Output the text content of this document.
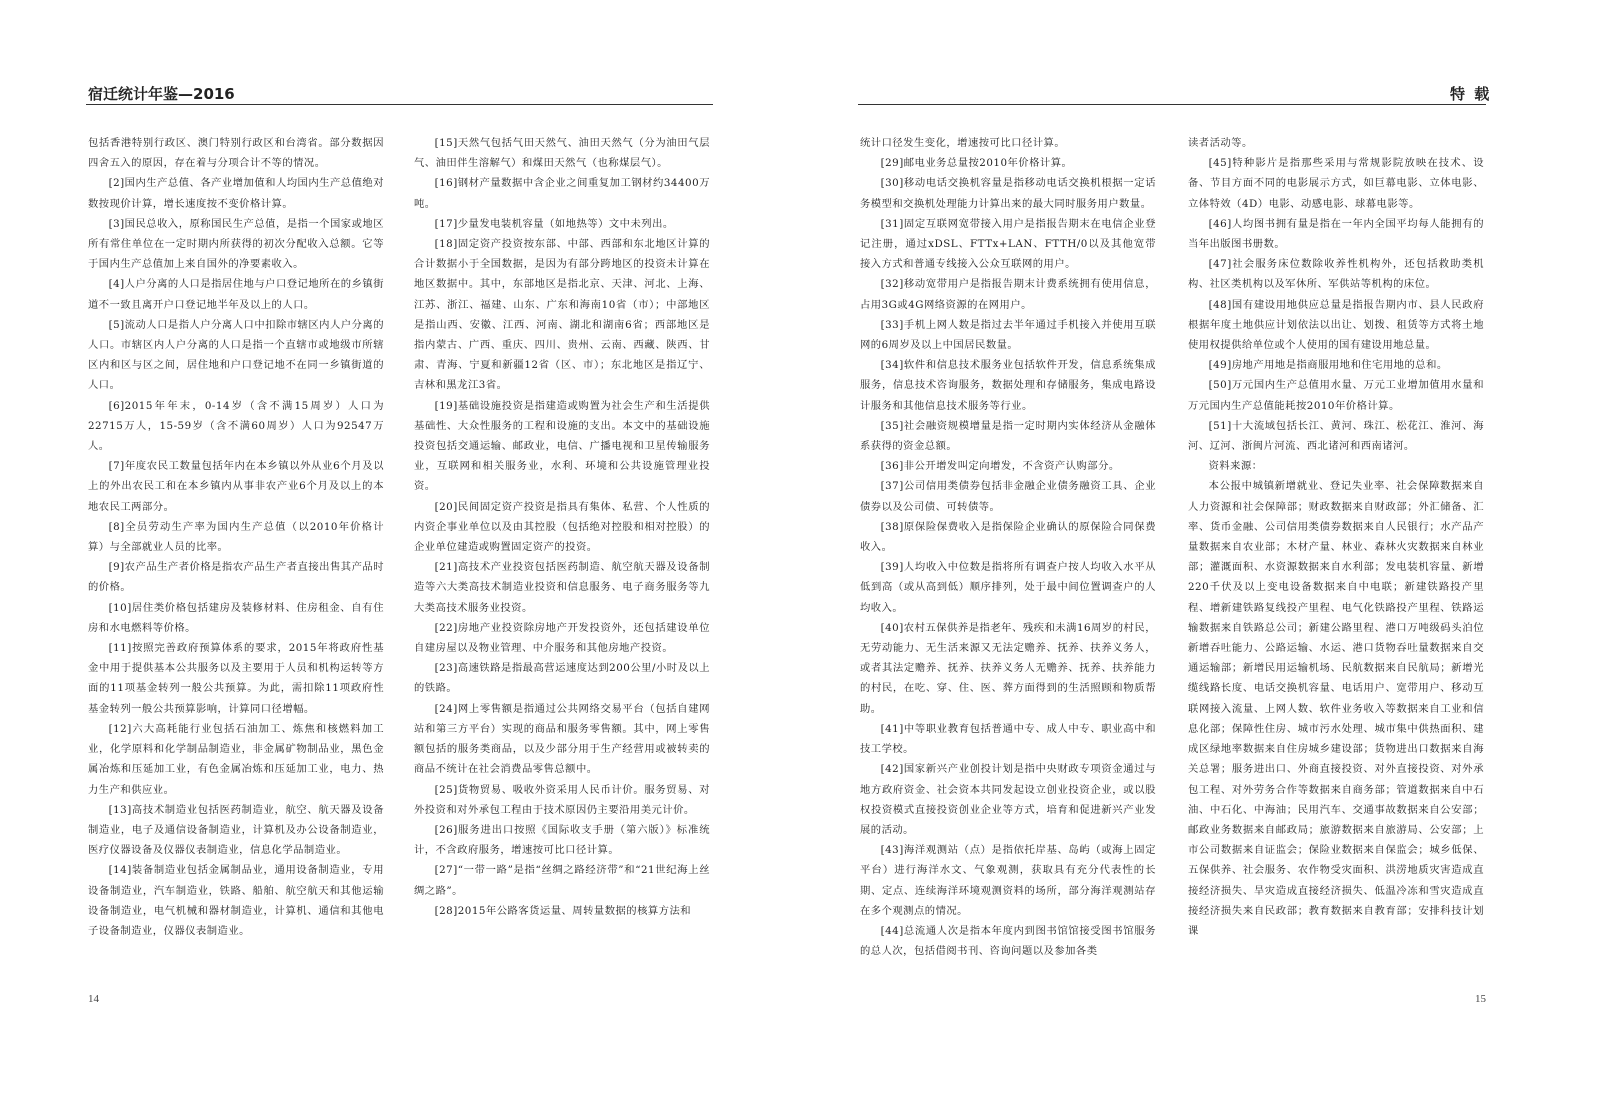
宿迁统计年鉴—2016

包括香港特别行政区、澳门特别行政区和台湾省。部分数据因四舍五入的原因，存在着与分项合计不等的情况。

[2]国内生产总值、各产业增加值和人均国内生产总值绝对数按现价计算，增长速度按不变价格计算。

[3]国民总收入，原称国民生产总值，是指一个国家或地区所有常住单位在一定时期内所获得的初次分配收入总额。它等于国内生产总值加上来自国外的净要素收入。

[4]人户分离的人口是指居住地与户口登记地所在的乡镇街道不一致且离开户口登记地半年及以上的人口。

[5]流动人口是指人户分离人口中扣除市辖区内人户分离的人口。市辖区内人户分离的人口是指一个直辖市或地级市所辖区内和区与区之间，居住地和户口登记地不在同一乡镇街道的人口。

[6]2015年年末，0-14岁（含不满15周岁）人口为22715万人，15-59岁（含不满60周岁）人口为92547万人。

[7]年度农民工数量包括年内在本乡镇以外从业6个月及以上的外出农民工和在本乡镇内从事非农产业6个月及以上的本地农民工两部分。

[8]全员劳动生产率为国内生产总值（以2010年价格计算）与全部就业人员的比率。

[9]农产品生产者价格是指农产品生产者直接出售其产品时的价格。

[10]居住类价格包括建房及装修材料、住房租金、自有住房和水电燃料等价格。

[11]按照完善政府预算体系的要求，2015年将政府性基金中用于提供基本公共服务以及主要用于人员和机构运转等方面的11项基金转列一般公共预算。为此，需扣除11项政府性基金转列一般公共预算影响，计算同口径增幅。

[12]六大高耗能行业包括石油加工、炼焦和核燃料加工业，化学原料和化学制品制造业，非金属矿物制品业，黑色金属冶炼和压延加工业，有色金属冶炼和压延加工业，电力、热力生产和供应业。

[13]高技术制造业包括医药制造业，航空、航天器及设备制造业，电子及通信设备制造业，计算机及办公设备制造业，医疗仪器设备及仪器仪表制造业，信息化学品制造业。

[14]装备制造业包括金属制品业，通用设备制造业，专用设备制造业，汽车制造业，铁路、船舶、航空航天和其他运输设备制造业，电气机械和器材制造业，计算机、通信和其他电子设备制造业，仪器仪表制造业。

[15]天然气包括气田天然气、油田天然气（分为油田气层气、油田伴生溶解气）和煤田天然气（也称煤层气）。

[16]钢材产量数据中含企业之间重复加工钢材约34400万吨。

[17]少量发电装机容量（如地热等）文中未列出。

[18]固定资产投资按东部、中部、西部和东北地区计算的合计数据小于全国数据，是因为有部分跨地区的投资未计算在地区数据中。其中，东部地区是指北京、天津、河北、上海、江苏、浙江、福建、山东、广东和海南10省（市）；中部地区是指山西、安徽、江西、河南、湖北和湖南6省；西部地区是指内蒙古、广西、重庆、四川、贵州、云南、西藏、陕西、甘肃、青海、宁夏和新疆12省（区、市）；东北地区是指辽宁、吉林和黑龙江3省。

[19]基础设施投资是指建造或购置为社会生产和生活提供基础性、大众性服务的工程和设施的支出。本文中的基础设施投资包括交通运输、邮政业，电信、广播电视和卫星传输服务业，互联网和相关服务业，水利、环境和公共设施管理业投资。

[20]民间固定资产投资是指具有集体、私营、个人性质的内资企事业单位以及由其控股（包括绝对控股和相对控股）的企业单位建造或购置固定资产的投资。

[21]高技术产业投资包括医药制造、航空航天器及设备制造等六大类高技术制造业投资和信息服务、电子商务服务等九大类高技术服务业投资。

[22]房地产业投资除房地产开发投资外，还包括建设单位自建房屋以及物业管理、中介服务和其他房地产投资。

[23]高速铁路是指最高营运速度达到200公里/小时及以上的铁路。

[24]网上零售额是指通过公共网络交易平台（包括自建网站和第三方平台）实现的商品和服务零售额。其中，网上零售额包括的服务类商品，以及少部分用于生产经营用或被转卖的商品不统计在社会消费品零售总额中。

[25]货物贸易、吸收外资采用人民币计价。服务贸易、对外投资和对外承包工程由于技术原因仍主要沿用美元计价。

[26]服务进出口按照《国际收支手册（第六版）》标准统计，不含政府服务，增速按可比口径计算。

[27]“一带一路”是指“丝绸之路经济带”和“21世纪海上丝绸之路”。

[28]2015年公路客货运量、周转量数据的核算方法和

14
特 载

统计口径发生变化，增速按可比口径计算。

[29]邮电业务总量按2010年价格计算。

[30]移动电话交换机容量是指移动电话交换机根据一定话务模型和交换机处理能力计算出来的最大同时服务用户数量。

[31]固定互联网宽带接入用户是指报告期末在电信企业登记注册，通过xDSL、FTTx+LAN、FTTH/0以及其他宽带接入方式和普通专线接入公众互联网的用户。

[32]移动宽带用户是指报告期末计费系统拥有使用信息，占用3G或4G网络资源的在网用户。

[33]手机上网人数是指过去半年通过手机接入并使用互联网的6周岁及以上中国居民数量。

[34]软件和信息技术服务业包括软件开发，信息系统集成服务，信息技术咨询服务，数据处理和存储服务，集成电路设计服务和其他信息技术服务等行业。

[35]社会融资规模增量是指一定时期内实体经济从金融体系获得的资金总额。

[36]非公开增发叫定向增发，不含资产认购部分。

[37]公司信用类债券包括非金融企业债务融资工具、企业债券以及公司债、可转债等。

[38]原保险保费收入是指保险企业确认的原保险合同保费收入。

[39]人均收入中位数是指将所有调查户按人均收入水平从低到高（或从高到低）顺序排列，处于最中间位置调查户的人均收入。

[40]农村五保供养是指老年、残疾和未满16周岁的村民，无劳动能力、无生活来源又无法定赡养、抚养、扶养义务人，或者其法定赡养、抚养、扶养义务人无赡养、抚养、扶养能力的村民，在吃、穿、住、医、葬方面得到的生活照顾和物质帮助。

[41]中等职业教育包括普通中专、成人中专、职业高中和技工学校。

[42]国家新兴产业创投计划是指中央财政专项资金通过与地方政府资金、社会资本共同发起设立创业投资企业，或以股权投资模式直接投资创业企业等方式，培育和促进新兴产业发展的活动。

[43]海洋观测站（点）是指依托岸基、岛屿（或海上固定平台）进行海洋水文、气象观测，获取具有充分代表性的长期、定点、连续海洋环境观测资料的场所，部分海洋观测站存在多个观测点的情况。

[44]总流通人次是指本年度内到图书馆馆接受图书馆服务的总人次，包括借阅书刊、咨询问题以及参加各类

读者活动等。

[45]特种影片是指那些采用与常规影院放映在技术、设备、节目方面不同的电影展示方式，如巨幕电影、立体电影、立体特效（4D）电影、动感电影、球幕电影等。

[46]人均图书拥有量是指在一年内全国平均每人能拥有的当年出版图书册数。

[47]社会服务床位数除收养性机构外，还包括救助类机构、社区类机构以及军休所、军供站等机构的床位。

[48]国有建设用地供应总量是指报告期内市、县人民政府根据年度土地供应计划依法以出让、划拨、租赁等方式将土地使用权提供给单位或个人使用的国有建设用地总量。

[49]房地产用地是指商服用地和住宅用地的总和。

[50]万元国内生产总值用水量、万元工业增加值用水量和万元国内生产总值能耗按2010年价格计算。

[51]十大流域包括长江、黄河、珠江、松花江、淮河、海河、辽河、浙闽片河流、西北诸河和西南诸河。

资料来源：

本公报中城镇新增就业、登记失业率、社会保障数据来自人力资源和社会保障部；财政数据来自财政部；外汇储备、汇率、货币金融、公司信用类债券数据来自人民银行；水产品产量数据来自农业部；木材产量、林业、森林火灾数据来自林业部；灌溉面积、水资源数据来自水利部；发电装机容量、新增220千伏及以上变电设备数据来自中电联；新建铁路投产里程、增新建铁路复线投产里程、电气化铁路投产里程、铁路运输数据来自铁路总公司；新建公路里程、港口万吨级码头泊位新增吞吐能力、公路运输、水运、港口货物吞吐量数据来自交通运输部；新增民用运输机场、民航数据来自民航局；新增光缆线路长度、电话交换机容量、电话用户、宽带用户、移动互联网接入流量、上网人数、软件业务收入等数据来自工业和信息化部；保障性住房、城市污水处理、城市集中供热面积、建成区绿地率数据来自住房城乡建设部；货物进出口数据来自海关总署；服务进出口、外商直接投资、对外直接投资、对外承包工程、对外劳务合作等数据来自商务部；管道数据来自中石油、中石化、中海油；民用汽车、交通事故数据来自公安部；邮政业务数据来自邮政局；旅游数据来自旅游局、公安部；上市公司数据来自证监会；保险业数据来自保监会；城乡低保、五保供养、社会服务、农作物受灾面积、洪涝地质灾害造成直接经济损失、旱灾造成直接经济损失、低温冷冻和雪灾造成直接经济损失来自民政部；教育数据来自教育部；安排科技计划课

15
